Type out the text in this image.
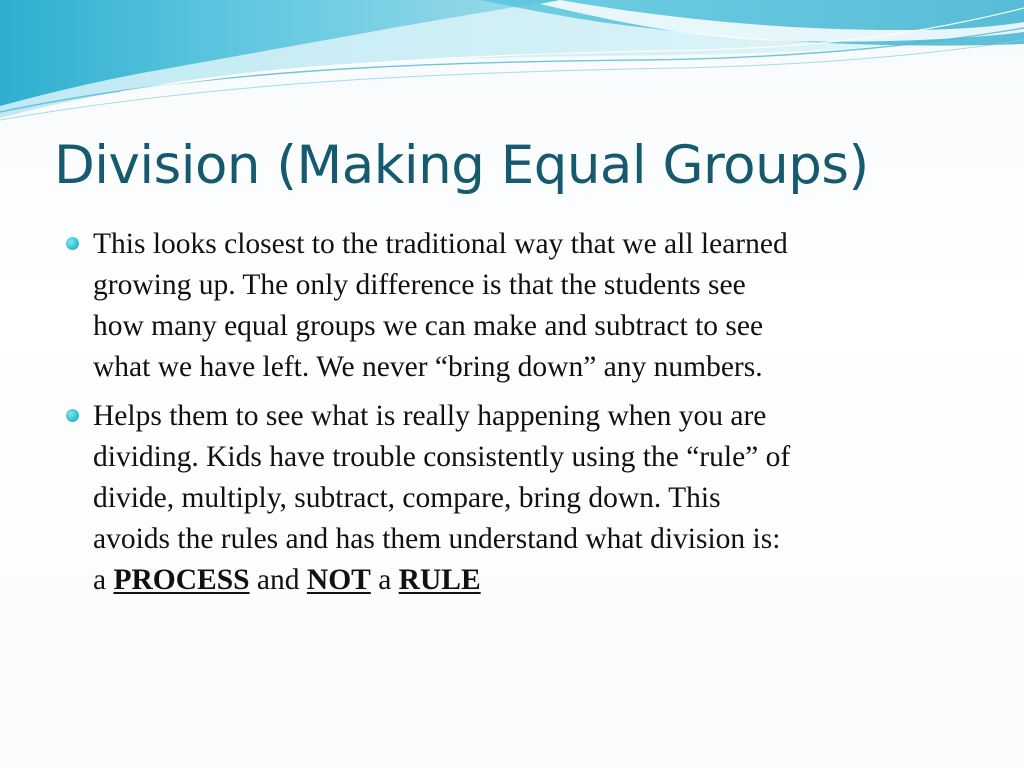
Division (Making Equal Groups)
This looks closest to the traditional way that we all learned
growing up. The only difference is that the students see
how many equal groups we can make and subtract to see
what we have left. We never “bring down” any numbers.
Helps them to see what is really happening when you are
dividing. Kids have trouble consistently using the “rule” of
divide, multiply, subtract, compare, bring down. This
avoids the rules and has them understand what division is:
a PROCESS and NOT a RULE
